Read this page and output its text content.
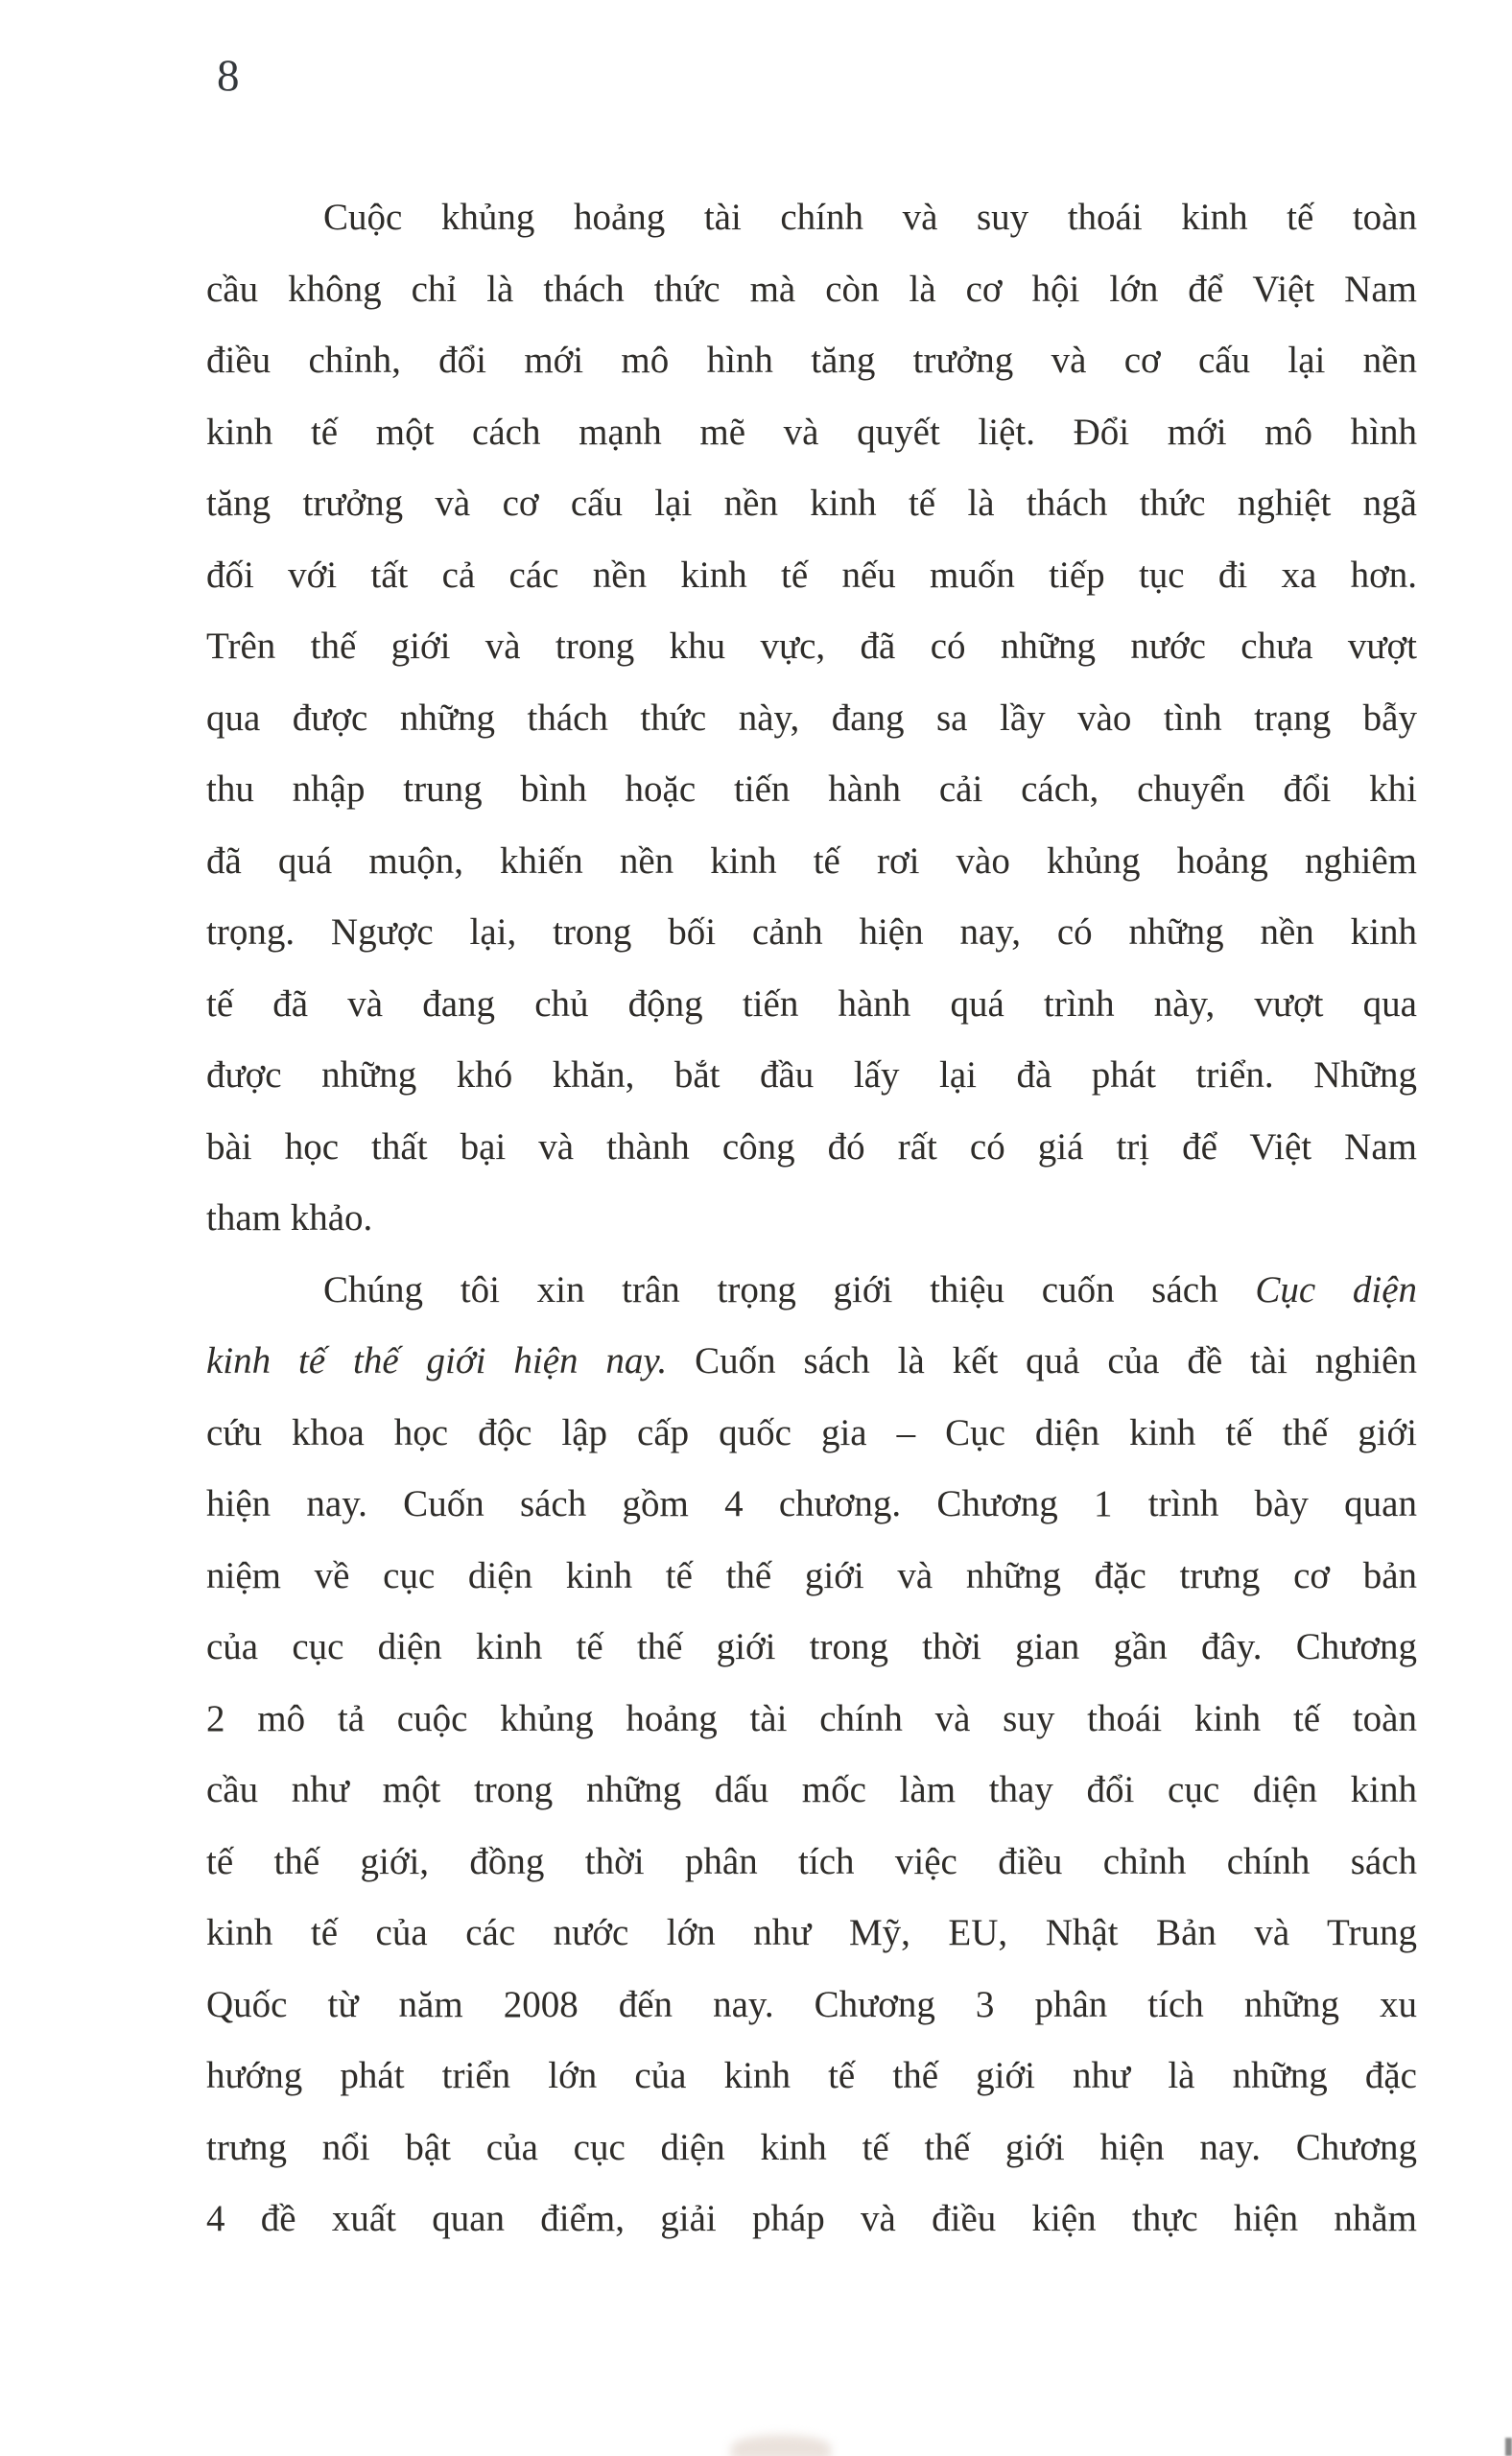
8
Cuộc khủng hoảng tài chính và suy thoái kinh tế toàn
cầu không chỉ là thách thức mà còn là cơ hội lớn để Việt Nam
điều chỉnh, đổi mới mô hình tăng trưởng và cơ cấu lại nền
kinh tế một cách mạnh mẽ và quyết liệt. Đổi mới mô hình
tăng trưởng và cơ cấu lại nền kinh tế là thách thức nghiệt ngã
đối với tất cả các nền kinh tế nếu muốn tiếp tục đi xa hơn.
Trên thế giới và trong khu vực, đã có những nước chưa vượt
qua được những thách thức này, đang sa lầy vào tình trạng bẫy
thu nhập trung bình hoặc tiến hành cải cách, chuyển đổi khi
đã quá muộn, khiến nền kinh tế rơi vào khủng hoảng nghiêm
trọng. Ngược lại, trong bối cảnh hiện nay, có những nền kinh
tế đã và đang chủ động tiến hành quá trình này, vượt qua
được những khó khăn, bắt đầu lấy lại đà phát triển. Những
bài học thất bại và thành công đó rất có giá trị để Việt Nam
tham khảo.
Chúng tôi xin trân trọng giới thiệu cuốn sách Cục diện
kinh tế thế giới hiện nay. Cuốn sách là kết quả của đề tài nghiên
cứu khoa học độc lập cấp quốc gia – Cục diện kinh tế thế giới
hiện nay. Cuốn sách gồm 4 chương. Chương 1 trình bày quan
niệm về cục diện kinh tế thế giới và những đặc trưng cơ bản
của cục diện kinh tế thế giới trong thời gian gần đây. Chương
2 mô tả cuộc khủng hoảng tài chính và suy thoái kinh tế toàn
cầu như một trong những dấu mốc làm thay đổi cục diện kinh
tế thế giới, đồng thời phân tích việc điều chỉnh chính sách
kinh tế của các nước lớn như Mỹ, EU, Nhật Bản và Trung
Quốc từ năm 2008 đến nay. Chương 3 phân tích những xu
hướng phát triển lớn của kinh tế thế giới như là những đặc
trưng nổi bật của cục diện kinh tế thế giới hiện nay. Chương
4 đề xuất quan điểm, giải pháp và điều kiện thực hiện nhằm
